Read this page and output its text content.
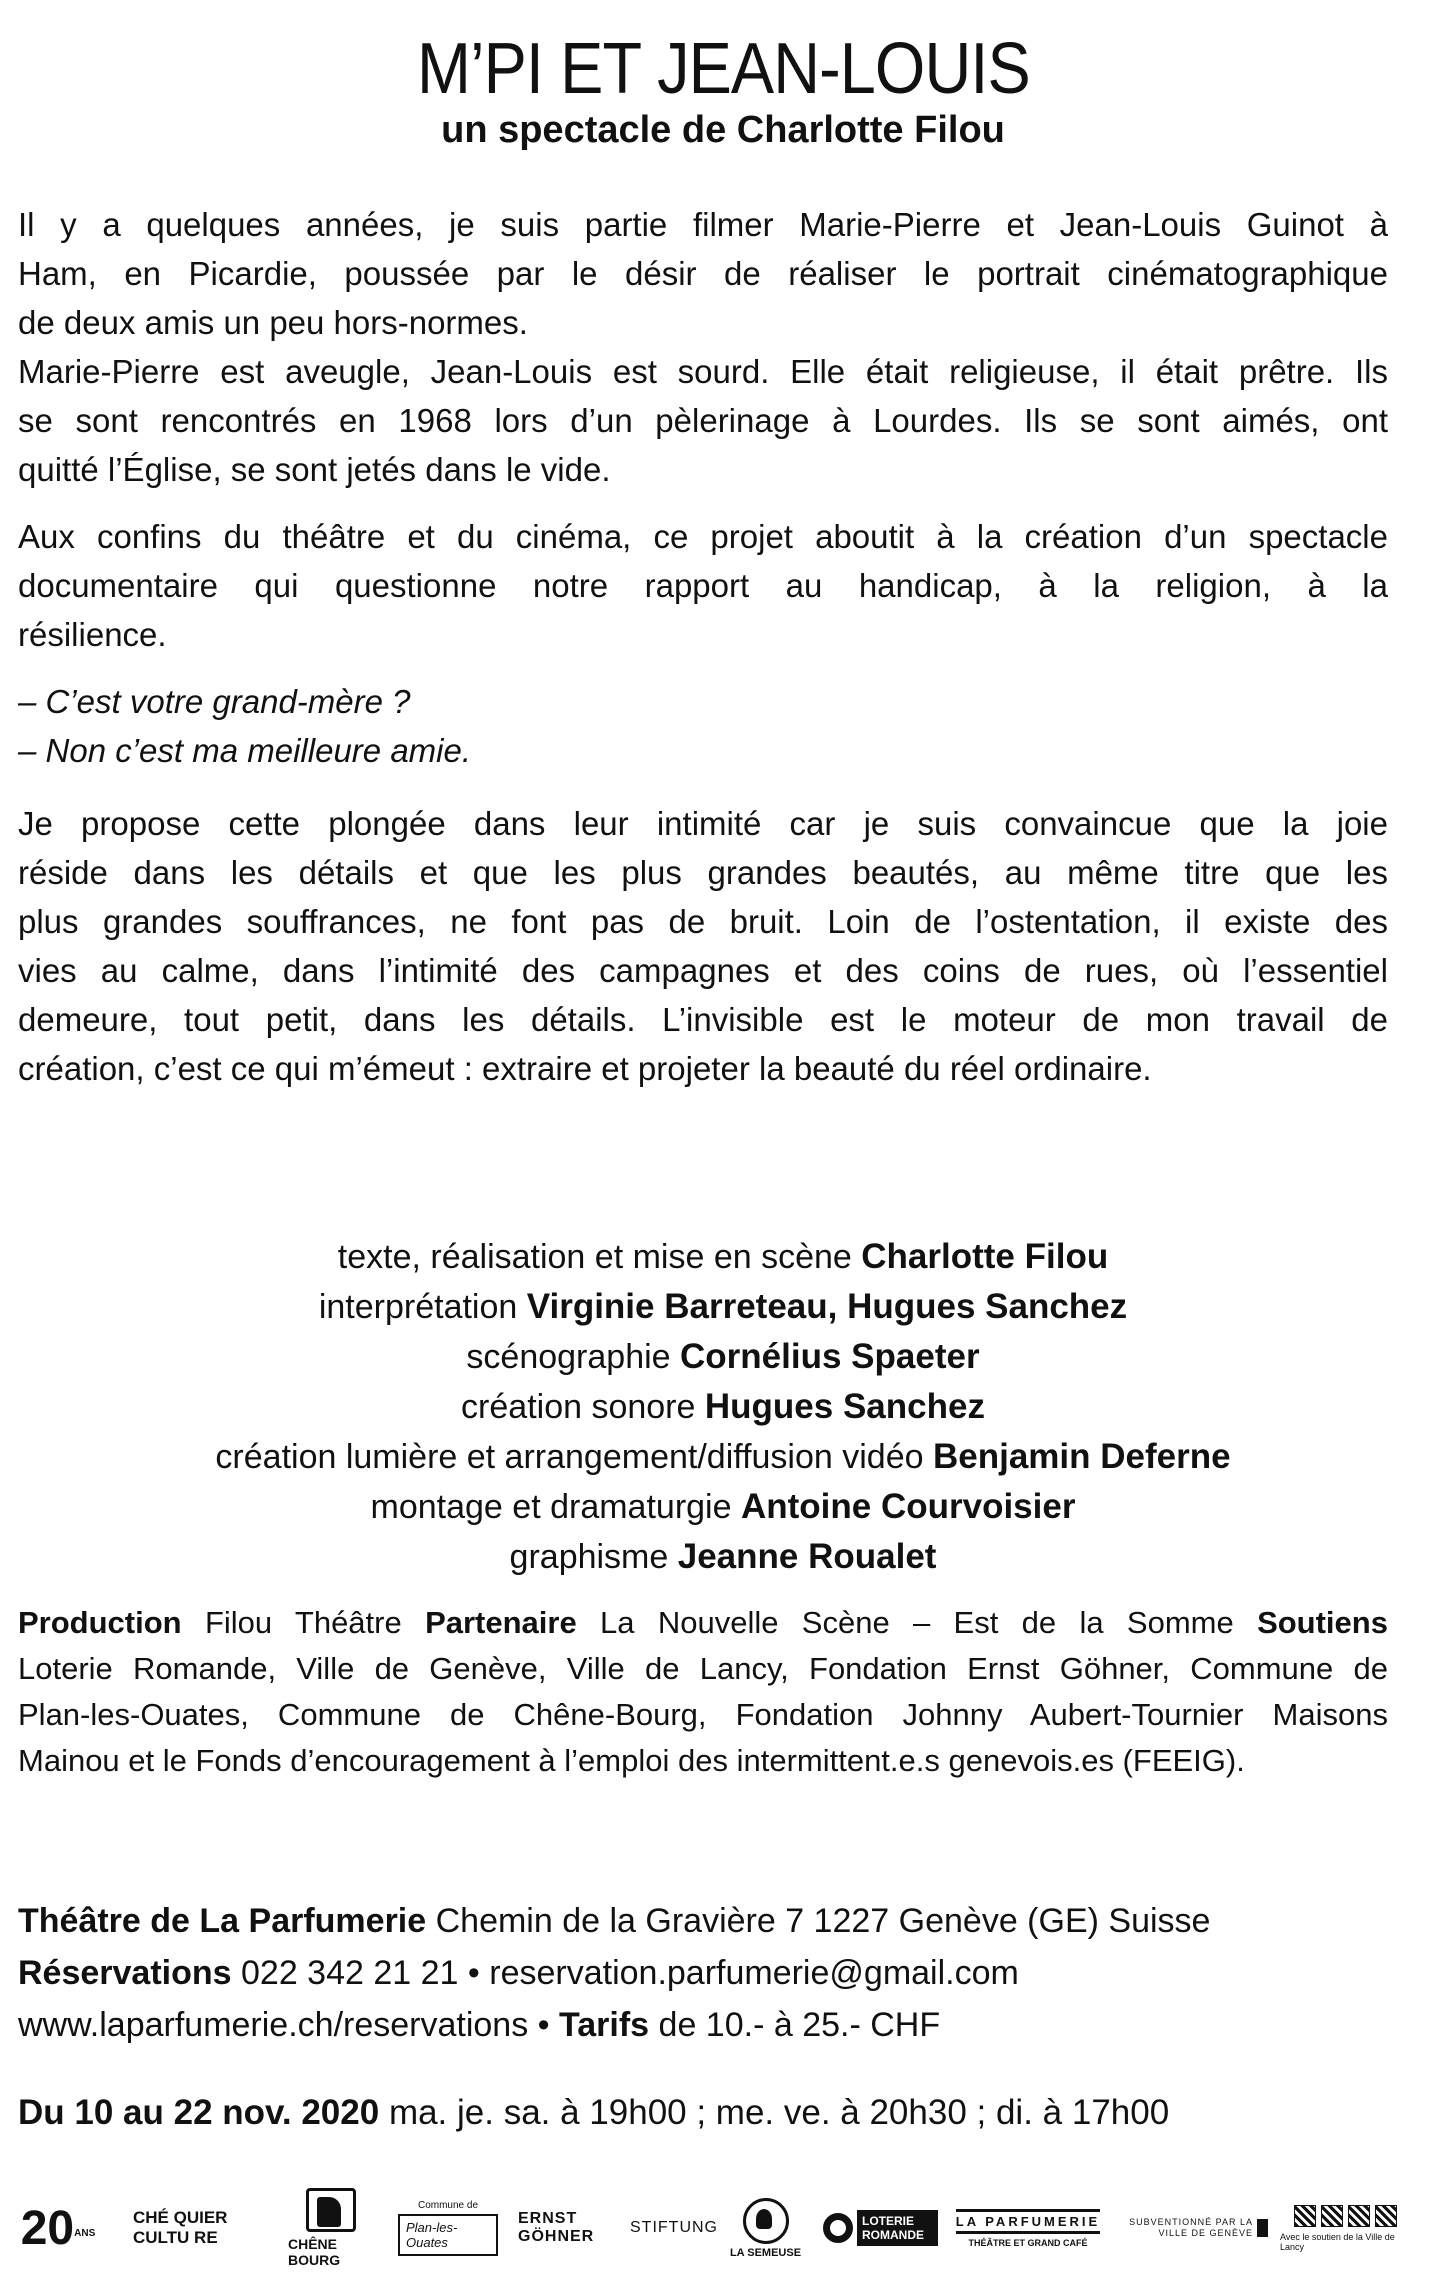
M’PI ET JEAN-LOUIS

un spectacle de Charlotte Filou

Il y a quelques années, je suis partie filmer Marie-Pierre et Jean-Louis Guinot à
Ham, en Picardie, poussée par le désir de réaliser le portrait cinématographique
de deux amis un peu hors-normes.
Marie-Pierre est aveugle, Jean-Louis est sourd. Elle était religieuse, il était prêtre. Ils
se sont rencontrés en 1968 lors d’un pèlerinage à Lourdes. Ils se sont aimés, ont
quitté l’Église, se sont jetés dans le vide.
Aux confins du théâtre et du cinéma, ce projet aboutit à la création d’un spectacle
documentaire qui questionne notre rapport au handicap, à la religion, à la
résilience.
– C’est votre grand-mère ?
– Non c’est ma meilleure amie.
Je propose cette plongée dans leur intimité car je suis convaincue que la joie
réside dans les détails et que les plus grandes beautés, au même titre que les
plus grandes souffrances, ne font pas de bruit. Loin de l’ostentation, il existe des
vies au calme, dans l’intimité des campagnes et des coins de rues, où l’essentiel
demeure, tout petit, dans les détails. L’invisible est le moteur de mon travail de
création, c’est ce qui m’émeut : extraire et projeter la beauté du réel ordinaire.
texte, réalisation et mise en scène Charlotte Filou
interprétation Virginie Barreteau, Hugues Sanchez
scénographie Cornélius Spaeter
création sonore Hugues Sanchez
création lumière et arrangement/diffusion vidéo Benjamin Deferne
montage et dramaturgie Antoine Courvoisier
graphisme Jeanne Roualet
Production Filou Théâtre Partenaire La Nouvelle Scène – Est de la Somme Soutiens
Loterie Romande, Ville de Genève, Ville de Lancy, Fondation Ernst Göhner, Commune de
Plan-les-Ouates, Commune de Chêne-Bourg, Fondation Johnny Aubert-Tournier Maisons
Mainou et le Fonds d’encouragement à l’emploi des intermittent.e.s genevois.es (FEEIG).
Théâtre de La Parfumerie Chemin de la Gravière 7 1227 Genève (GE) Suisse
Réservations 022 342 21 21 • reservation.parfumerie@gmail.com
www.laparfumerie.ch/reservations • Tarifs de 10.- à 25.- CHF
Du 10 au 22 nov. 2020 ma. je. sa. à 19h00 ; me. ve. à 20h30 ; di. à 17h00
20 ANS
CHÉ QUIER
CULTU RE	CHÊNE BOURG
Commune de
Plan-les-Ouates
ERNST GÖHNER
STIFTUNG
LA SEMEUSE
LOTERIE ROMANDE
LA PARFUMERIE
THÉÂTRE ET GRAND CAFÉ
SUBVENTIONNÉ PAR LA VILLE DE GENÈVE	Avec le soutien de la Ville de Lancy
